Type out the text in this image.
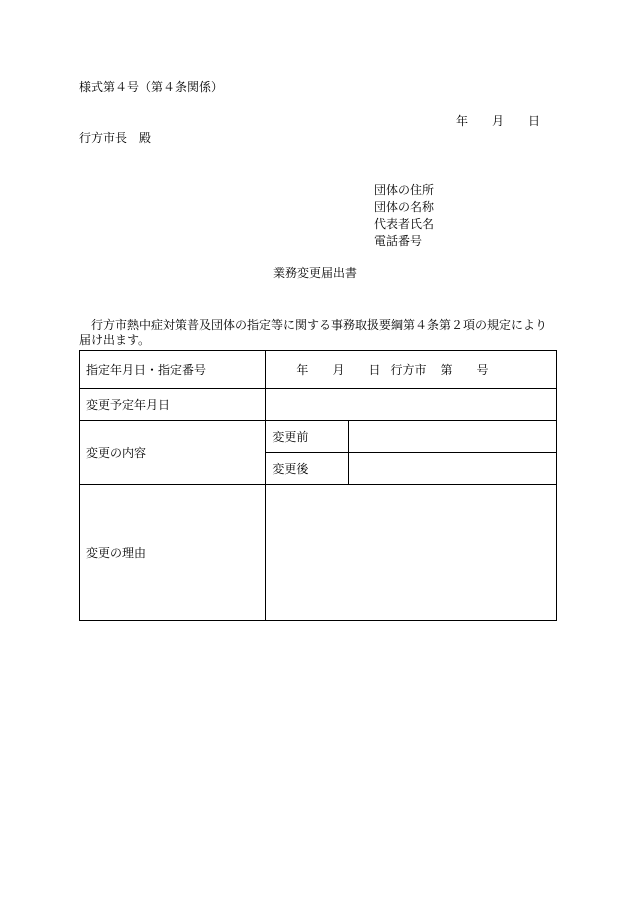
様式第４号（第４条関係）
年 月 日
行方市長 殿
団体の住所
団体の名称
代表者氏名
電話番号
業務変更届出書
行方市熱中症対策普及団体の指定等に関する事務取扱要綱第４条第２項の規定により届け出ます。
指定年月日・指定番号	年 月 日 行方市 第 号	

変更予定年月日		
変更の内容	変更前	
	変更後	
変更の理由		
